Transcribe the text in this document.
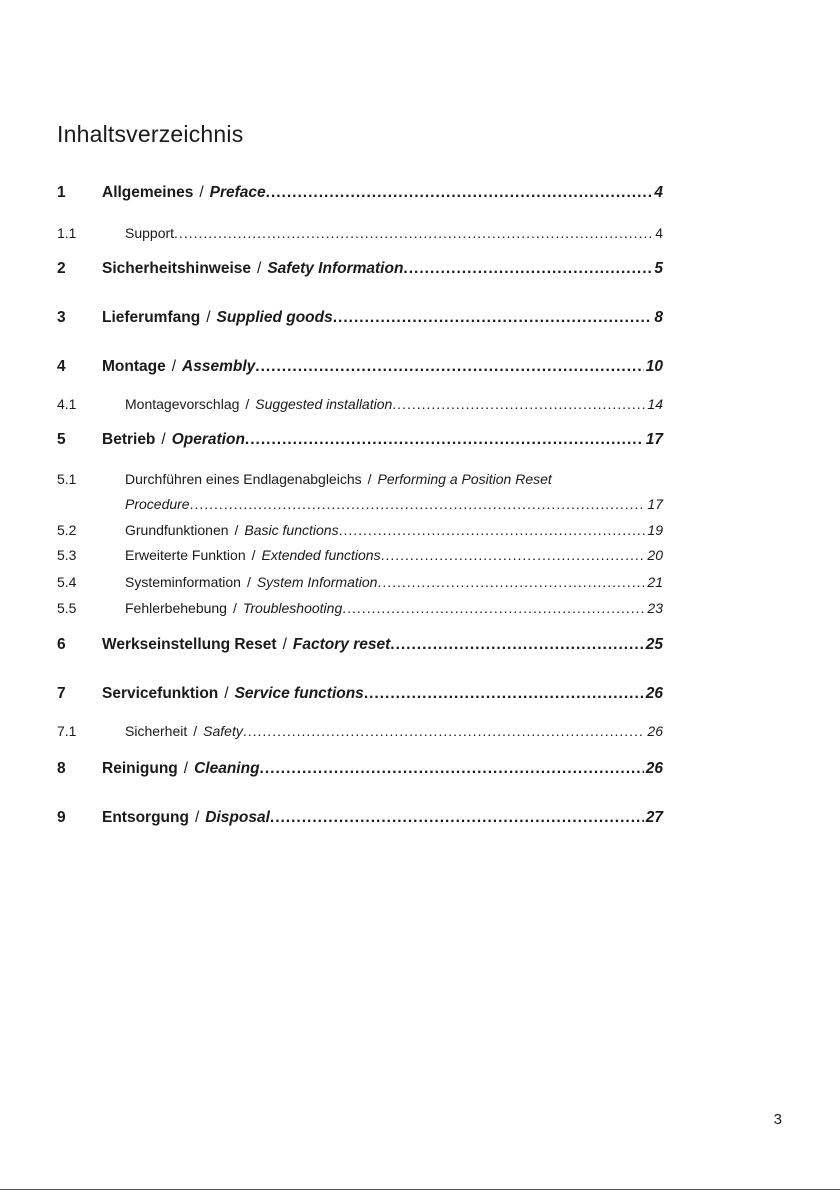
Inhaltsverzeichnis
1	Allgemeines / Preface .....	4
1.1	Support .....	4
2	Sicherheitshinweise / Safety Information .....	5
3	Lieferumfang / Supplied goods .....	8
4	Montage / Assembly .....	10
4.1	Montagevorschlag / Suggested installation .....	14
5	Betrieb / Operation .....	17
5.1	Durchführen eines Endlagenabgleichs / Performing a Position Reset
Procedure .....	17
5.2	Grundfunktionen / Basic functions .....	19
5.3	Erweiterte Funktion / Extended functions .....	20
5.4	Systeminformation / System Information .....	21
5.5	Fehlerbehebung / Troubleshooting .....	23
6	Werkseinstellung Reset / Factory reset .....	25
7	Servicefunktion / Service functions .....	26
7.1	Sicherheit / Safety .....	26
8	Reinigung / Cleaning .....	26
9	Entsorgung / Disposal .....	27
3
